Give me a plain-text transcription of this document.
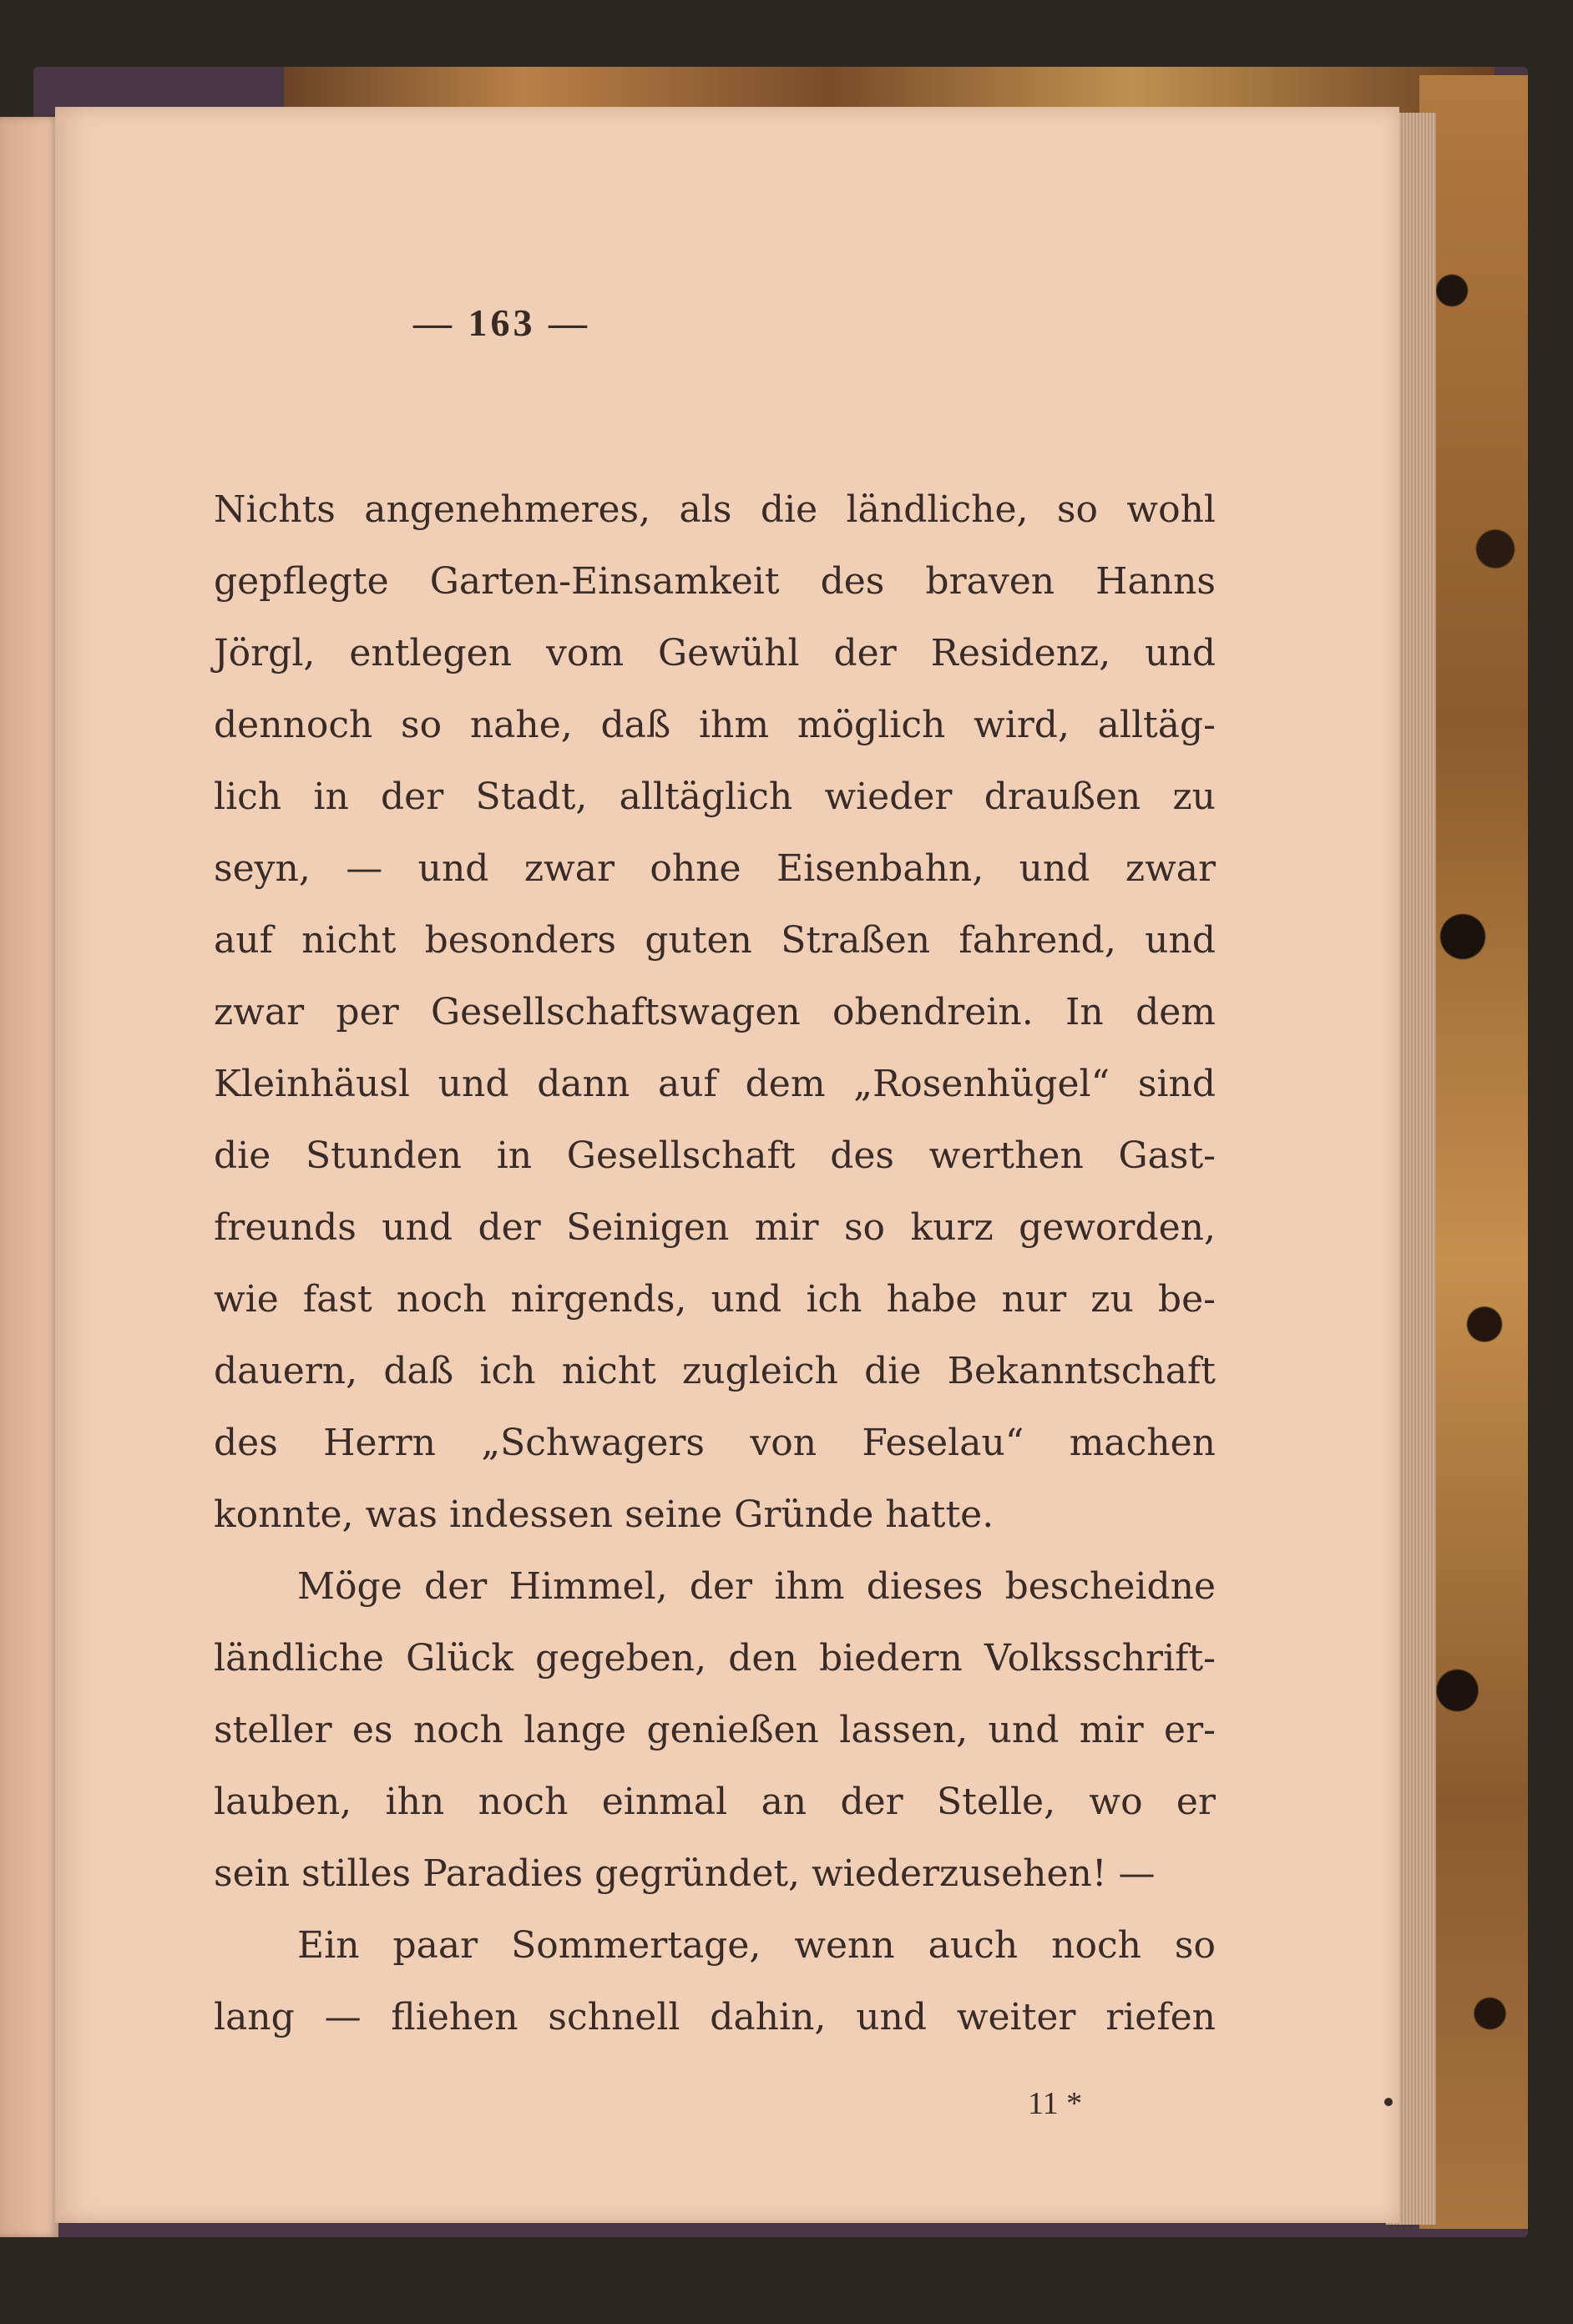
— 163 —
Nichts angenehmeres, als die ländliche, so wohl
gepflegte Garten-Einsamkeit des braven Hanns
Jörgl, entlegen vom Gewühl der Residenz, und
dennoch so nahe, daß ihm möglich wird, alltäg-
lich in der Stadt, alltäglich wieder draußen zu
seyn, — und zwar ohne Eisenbahn, und zwar
auf nicht besonders guten Straßen fahrend, und
zwar per Gesellschaftswagen obendrein. In dem
Kleinhäusl und dann auf dem „Rosenhügel“ sind
die Stunden in Gesellschaft des werthen Gast-
freunds und der Seinigen mir so kurz geworden,
wie fast noch nirgends, und ich habe nur zu be-
dauern, daß ich nicht zugleich die Bekanntschaft
des Herrn „Schwagers von Feselau“ machen
konnte, was indessen seine Gründe hatte.
Möge der Himmel, der ihm dieses bescheidne
ländliche Glück gegeben, den biedern Volksschrift-
steller es noch lange genießen lassen, und mir er-
lauben, ihn noch einmal an der Stelle, wo er
sein stilles Paradies gegründet, wiederzusehen! —
Ein paar Sommertage, wenn auch noch so
lang — fliehen schnell dahin, und weiter riefen
11 *
